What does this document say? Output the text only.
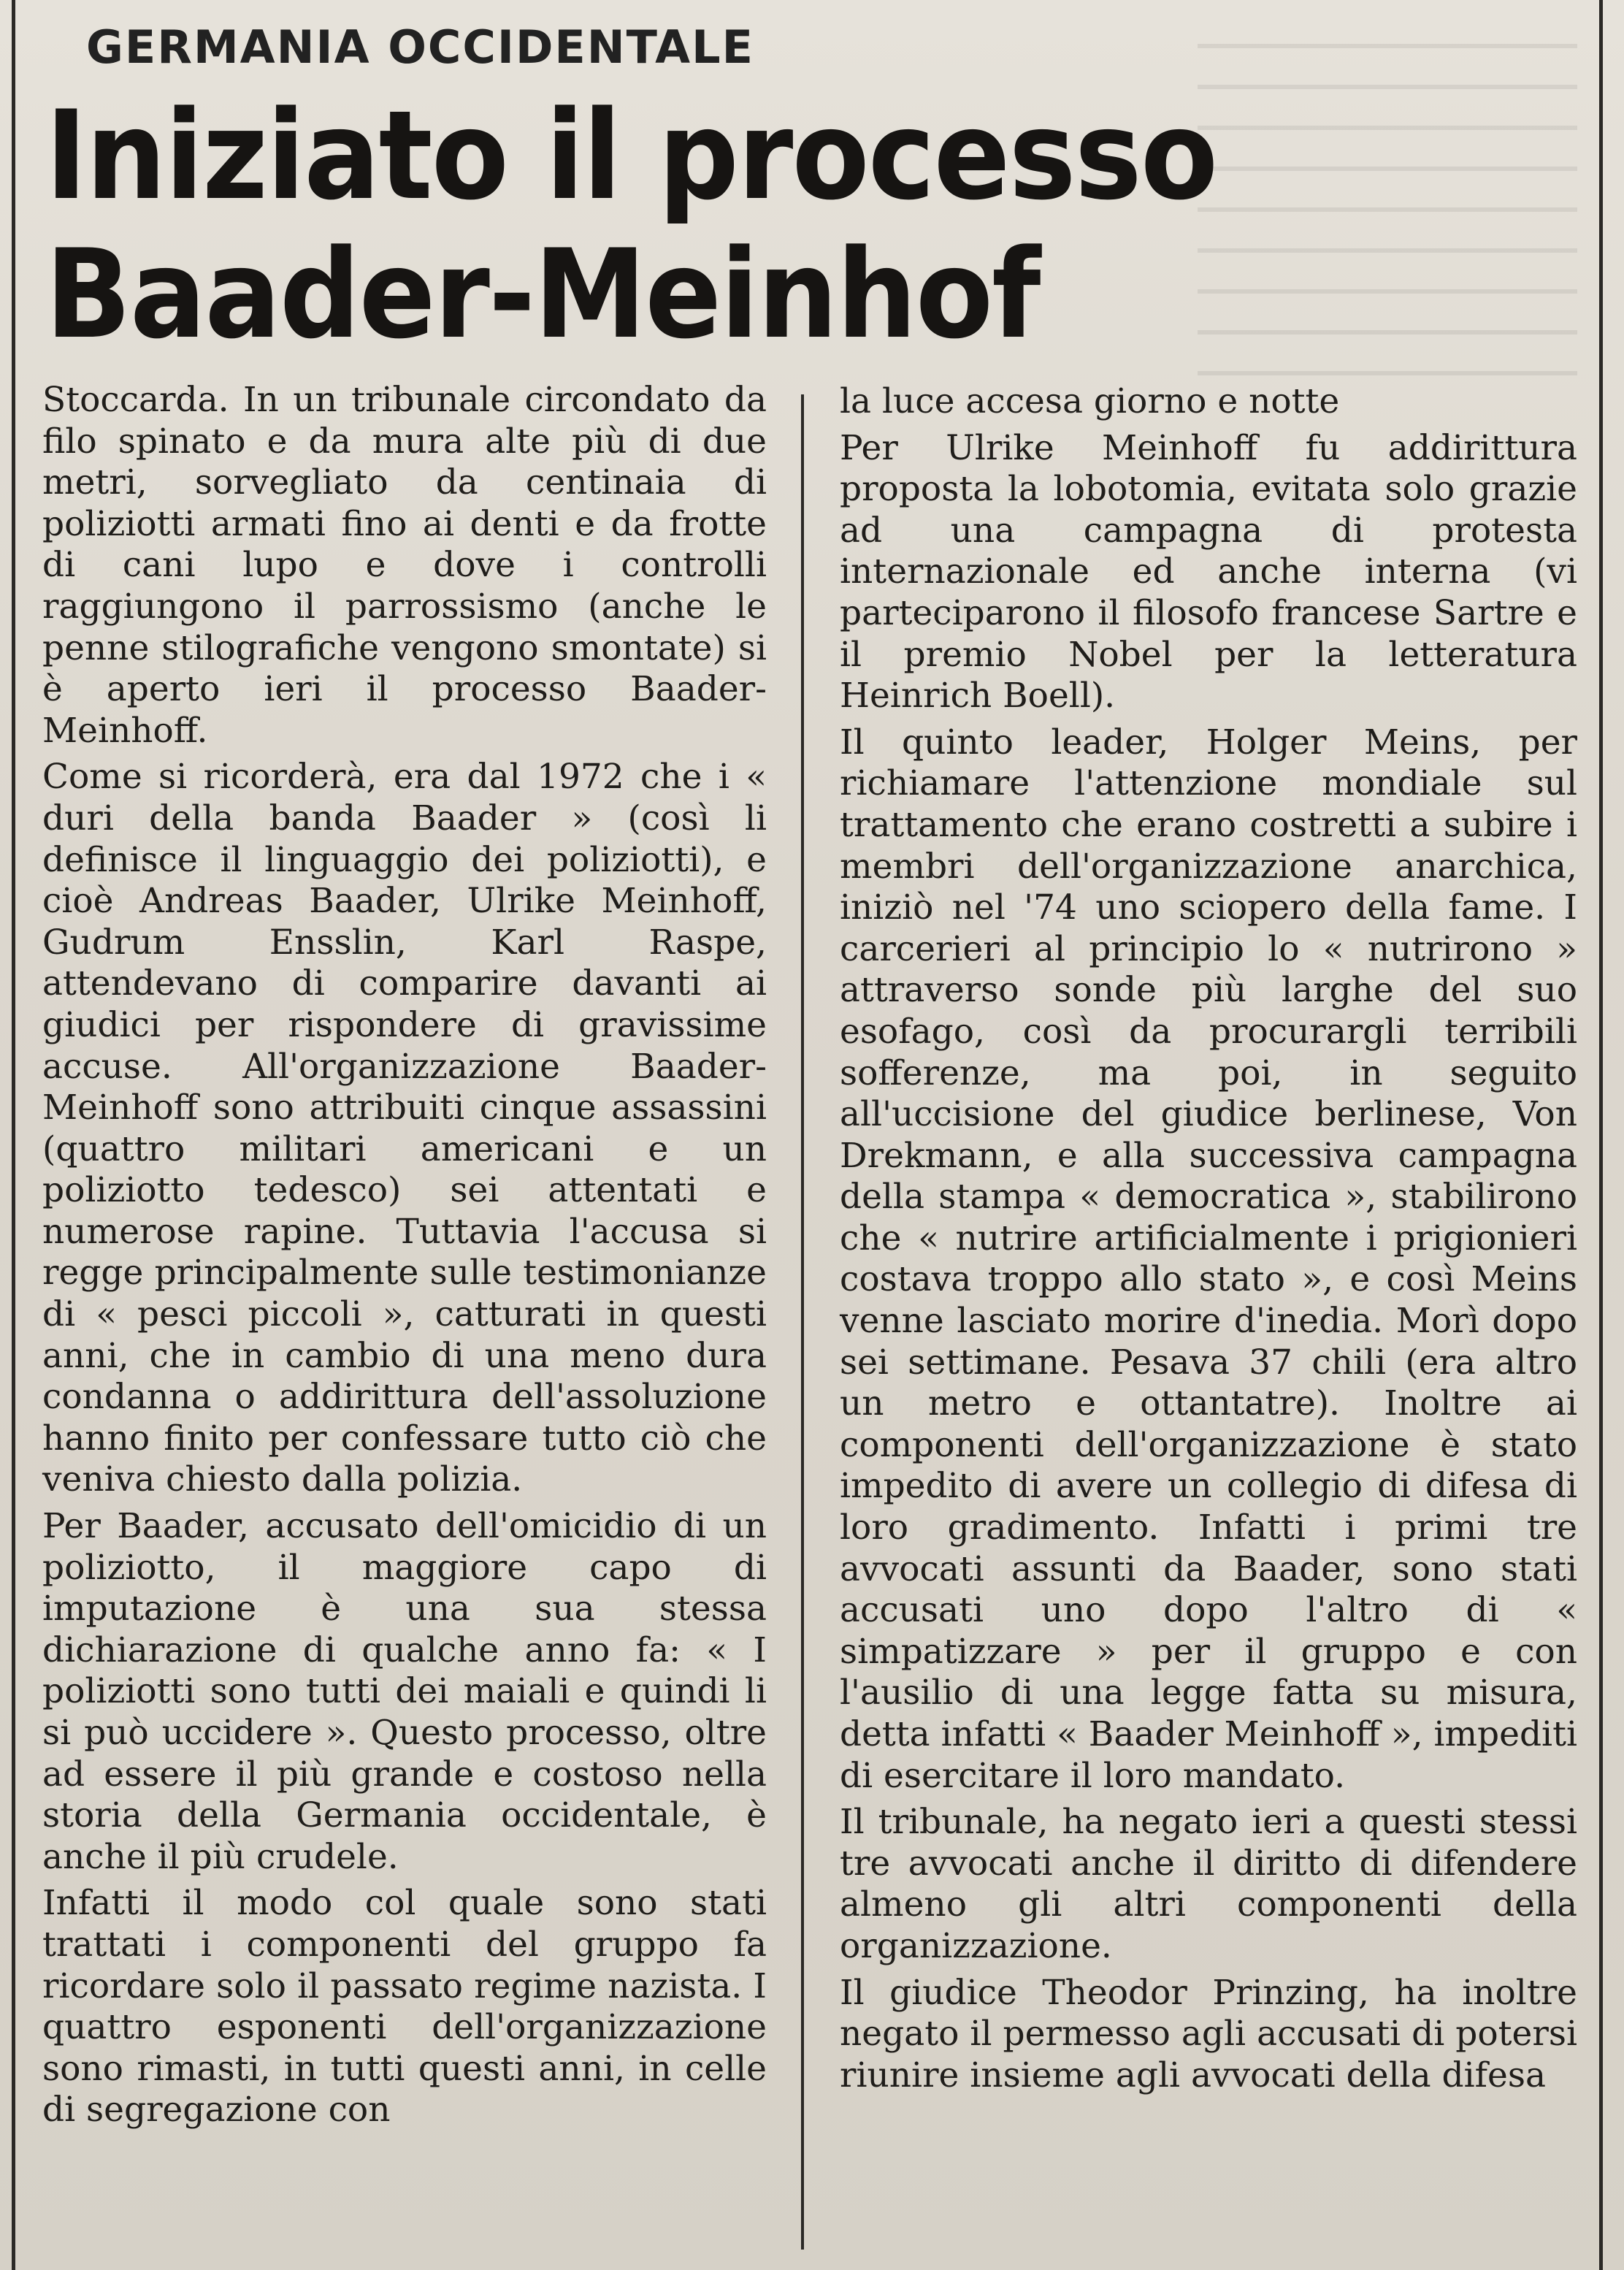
GERMANIA OCCIDENTALE
Iniziato il processo
Baader-Meinhof

Stoccarda. In un tribunale circondato da filo spinato e da mura alte più di due metri, sorvegliato da centinaia di poliziotti armati fino ai denti e da frotte di cani lupo e dove i controlli raggiungono il parrossismo (anche le penne stilografiche vengono smontate) si è aperto ieri il processo Baader-Meinhoff.

Come si ricorderà, era dal 1972 che i « duri della banda Baader » (così li definisce il linguaggio dei poliziotti), e cioè Andreas Baader, Ulrike Meinhoff, Gudrum Ensslin, Karl Raspe, attendevano di comparire davanti ai giudici per rispondere di gravissime accuse. All'organizzazione Baader-Meinhoff sono attribuiti cinque assassini (quattro militari americani e un poliziotto tedesco) sei attentati e numerose rapine. Tuttavia l'accusa si regge principalmente sulle testimonianze di « pesci piccoli », catturati in questi anni, che in cambio di una meno dura condanna o addirittura dell'assoluzione hanno finito per confessare tutto ciò che veniva chiesto dalla polizia.

Per Baader, accusato dell'omicidio di un poliziotto, il maggiore capo di imputazione è una sua stessa dichiarazione di qualche anno fa: « I poliziotti sono tutti dei maiali e quindi li si può uccidere ». Questo processo, oltre ad essere il più grande e costoso nella storia della Germania occidentale, è anche il più crudele.

Infatti il modo col quale sono stati trattati i componenti del gruppo fa ricordare solo il passato regime nazista. I quattro esponenti dell'organizzazione sono rimasti, in tutti questi anni, in celle di segregazione con

la luce accesa giorno e notte

Per Ulrike Meinhoff fu addirittura proposta la lobotomia, evitata solo grazie ad una campagna di protesta internazionale ed anche interna (vi parteciparono il filosofo francese Sartre e il premio Nobel per la letteratura Heinrich Boell).

Il quinto leader, Holger Meins, per richiamare l'attenzione mondiale sul trattamento che erano costretti a subire i membri dell'organizzazione anarchica, iniziò nel '74 uno sciopero della fame. I carcerieri al principio lo « nutrirono » attraverso sonde più larghe del suo esofago, così da procurargli terribili sofferenze, ma poi, in seguito all'uccisione del giudice berlinese, Von Drekmann, e alla successiva campagna della stampa « democratica », stabilirono che « nutrire artificialmente i prigionieri costava troppo allo stato », e così Meins venne lasciato morire d'inedia. Morì dopo sei settimane. Pesava 37 chili (era altro un metro e ottantatre). Inoltre ai componenti dell'organizzazione è stato impedito di avere un collegio di difesa di loro gradimento. Infatti i primi tre avvocati assunti da Baader, sono stati accusati uno dopo l'altro di « simpatizzare » per il gruppo e con l'ausilio di una legge fatta su misura, detta infatti « Baader Meinhoff », impediti di esercitare il loro mandato.

Il tribunale, ha negato ieri a questi stessi tre avvocati anche il diritto di difendere almeno gli altri componenti della organizzazione.

Il giudice Theodor Prinzing, ha inoltre negato il permesso agli accusati di potersi riunire insieme agli avvocati della difesa
